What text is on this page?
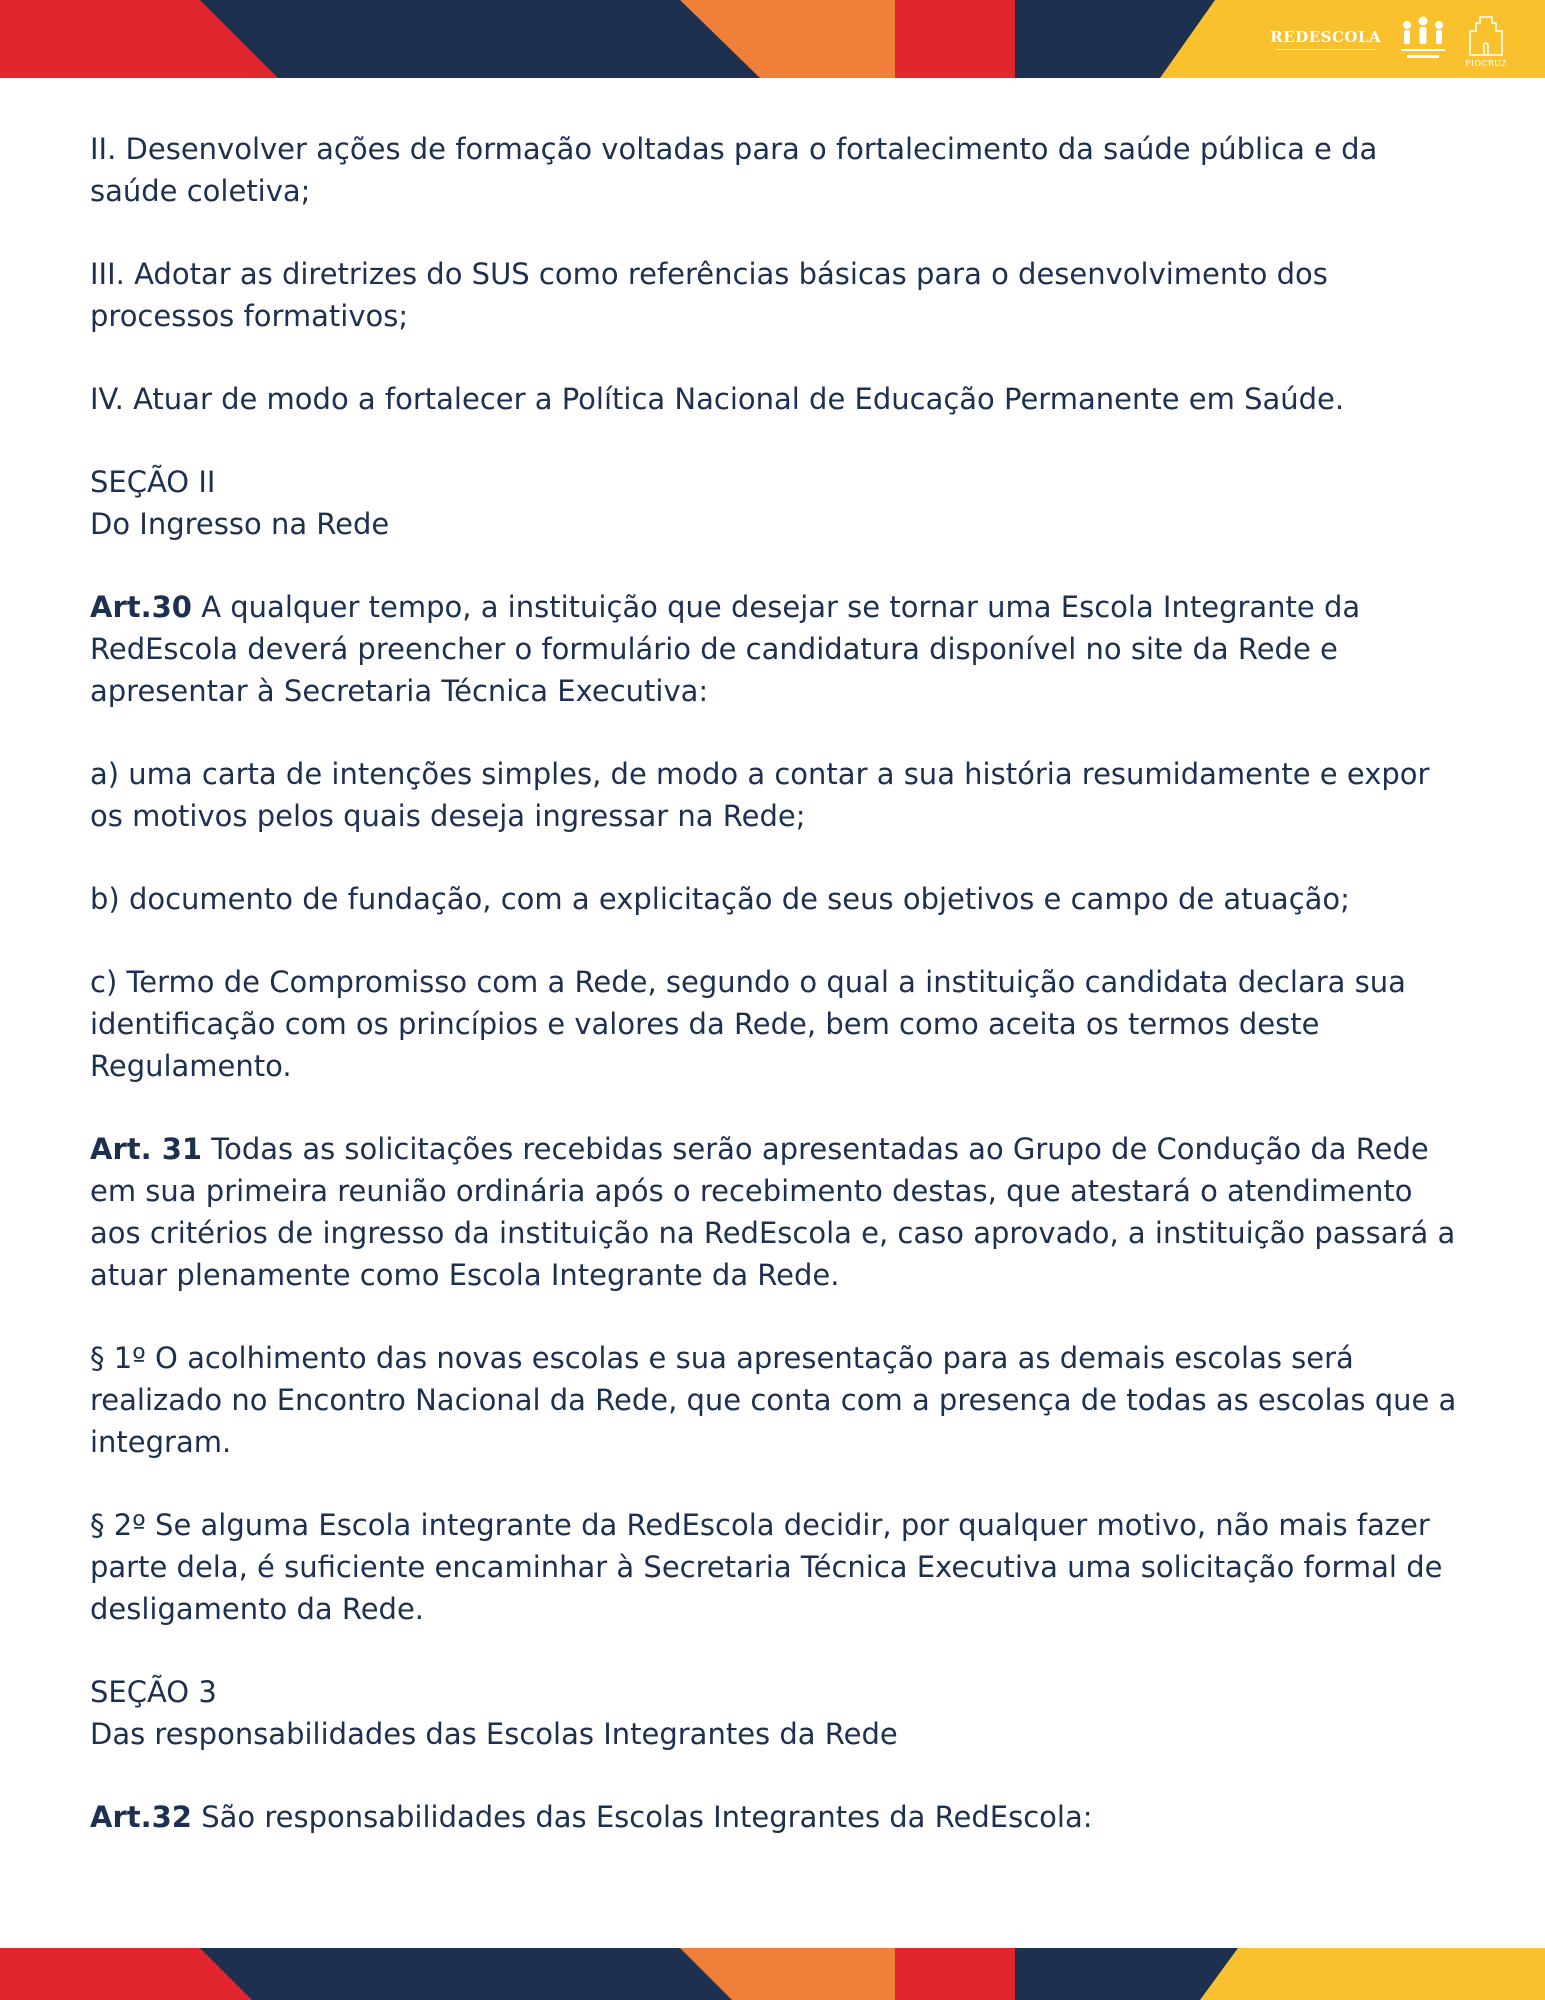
REDESCOLA
FIOCRUZ

II. Desenvolver ações de formação voltadas para o fortalecimento da saúde pública e da saúde coletiva;

III. Adotar as diretrizes do SUS como referências básicas para o desenvolvimento dos processos formativos;

IV. Atuar de modo a fortalecer a Política Nacional de Educação Permanente em Saúde.

SEÇÃO II
Do Ingresso na Rede

Art.30 A qualquer tempo, a instituição que desejar se tornar uma Escola Integrante da RedEscola deverá preencher o formulário de candidatura disponível no site da Rede e apresentar à Secretaria Técnica Executiva:

a) uma carta de intenções simples, de modo a contar a sua história resumidamente e expor os motivos pelos quais deseja ingressar na Rede;

b) documento de fundação, com a explicitação de seus objetivos e campo de atuação;

c) Termo de Compromisso com a Rede, segundo o qual a instituição candidata declara sua identificação com os princípios e valores da Rede, bem como aceita os termos deste Regulamento.

Art. 31 Todas as solicitações recebidas serão apresentadas ao Grupo de Condução da Rede em sua primeira reunião ordinária após o recebimento destas, que atestará o atendimento aos critérios de ingresso da instituição na RedEscola e, caso aprovado, a instituição passará a atuar plenamente como Escola Integrante da Rede.

§ 1º O acolhimento das novas escolas e sua apresentação para as demais escolas será realizado no Encontro Nacional da Rede, que conta com a presença de todas as escolas que a integram.

§ 2º Se alguma Escola integrante da RedEscola decidir, por qualquer motivo, não mais fazer parte dela, é suficiente encaminhar à Secretaria Técnica Executiva uma solicitação formal de desligamento da Rede.

SEÇÃO 3
Das responsabilidades das Escolas Integrantes da Rede

Art.32 São responsabilidades das Escolas Integrantes da RedEscola:
